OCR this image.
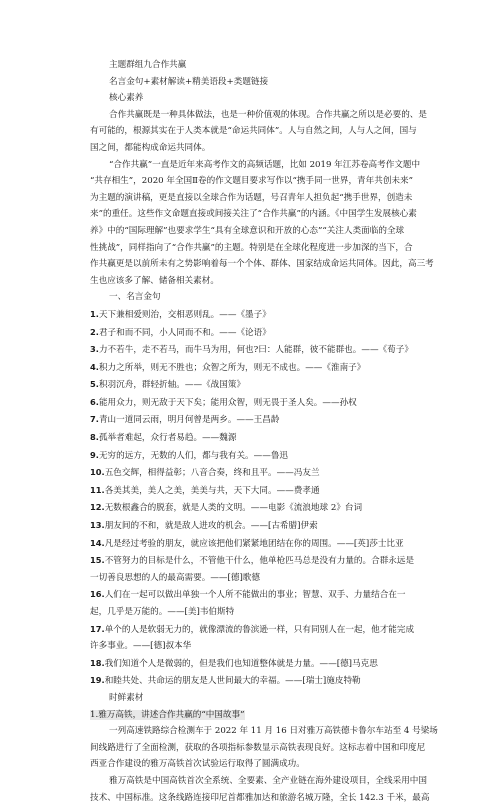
主题群组九合作共赢
名言金句+素材解读+精美语段+类题链接
核心素养
合作共赢既是一种具体做法，也是一种价值观的体现。合作共赢之所以是必要的、是
有可能的，根源其实在于人类本就是“命运共同体”。人与自然之间，人与人之间，国与
国之间，都能构成命运共同体。
“合作共赢”一直是近年来高考作文的高频话题，比如 2019 年江苏卷高考作文题中
“共存相生”，2020 年全国Ⅱ卷的作文题目要求写作以“携手同一世界，青年共创未来”
为主题的演讲稿，更是直接以全球合作为话题，号召青年人担负起“携手世界，创造未
来”的重任。这些作文命题直接或间接关注了“合作共赢”的内涵。《中国学生发展核心素
养》中的“国际理解”也要求学生“具有全球意识和开放的心态”“关注人类面临的全球
性挑战”，同样指向了“合作共赢”的主题。特别是在全球化程度进一步加深的当下，合
作共赢更是以前所未有之势影响着每一个个体、群体、国家结成命运共同体。因此，高三考
生也应该多了解、储备相关素材。
一、名言金句
1.天下兼相爱则治，交相恶则乱。——《墨子》
2.君子和而不同，小人同而不和。——《论语》
3.力不若牛，走不若马，而牛马为用，何也?曰：人能群，彼不能群也。——《荀子》
4.积力之所举，则无不胜也；众智之所为，则无不成也。——《淮南子》
5.积羽沉舟，群轻折轴。——《战国策》
6.能用众力，则无敌于天下矣；能用众智，则无畏于圣人矣。——孙权
7.青山一道同云雨，明月何曾是两乡。——王昌龄
8.孤举者难起，众行者易趋。——魏源
9.无穷的远方，无数的人们，都与我有关。——鲁迅
10.五色交辉，相得益彰；八音合奏，终和且平。——冯友兰
11.各美其美，美人之美，美美与共，天下大同。——费孝通
12.无数根鑫合的脱套，就是人类的文明。——电影《流浪地球 2》台词
13.朋友间的不和，就是敌人进攻的机会。——[古希腊]伊索
14.凡是经过考验的朋友，就应该把他们紧紧地团结在你的周围。——[英]莎士比亚
15.不管努力的目标是什么，不管他干什么，他单枪匹马总是没有力量的。合群永远是
一切善良思想的人的最高需要。——[德]歌德
16.人们在一起可以做出单独一个人所不能做出的事业；智慧、双手、力量结合在一
起，几乎是万能的。——[美]韦伯斯特
17.单个的人是软弱无力的，就像漂流的鲁滨逊一样，只有同别人在一起，他才能完成
许多事业。——[德]叔本华
18.我们知道个人是微弱的，但是我们也知道整体就是力量。——[德]马克思
19.和睦共处、共命运的朋友是人世间最大的幸福。——[瑞士]施皮特勒
时鲜素材
1.雅万高铁，讲述合作共赢的“中国故事”
一列高速铁路综合检测车于 2022 年 11 月 16 日对雅万高铁德卡鲁尔车站至 4 号梁场
间线路进行了全面检测，获取的各项指标参数显示高铁表现良好。这标志着中国和印度尼
西亚合作建设的雅万高铁首次试验运行取得了圆满成功。
雅万高铁是中国高铁首次全系统、全要素、全产业链在海外建设项目，全线采用中国
技术、中国标准。这条线路连接印尼首都雅加达和旅游名城万隆，全长 142.3 千米，最高
